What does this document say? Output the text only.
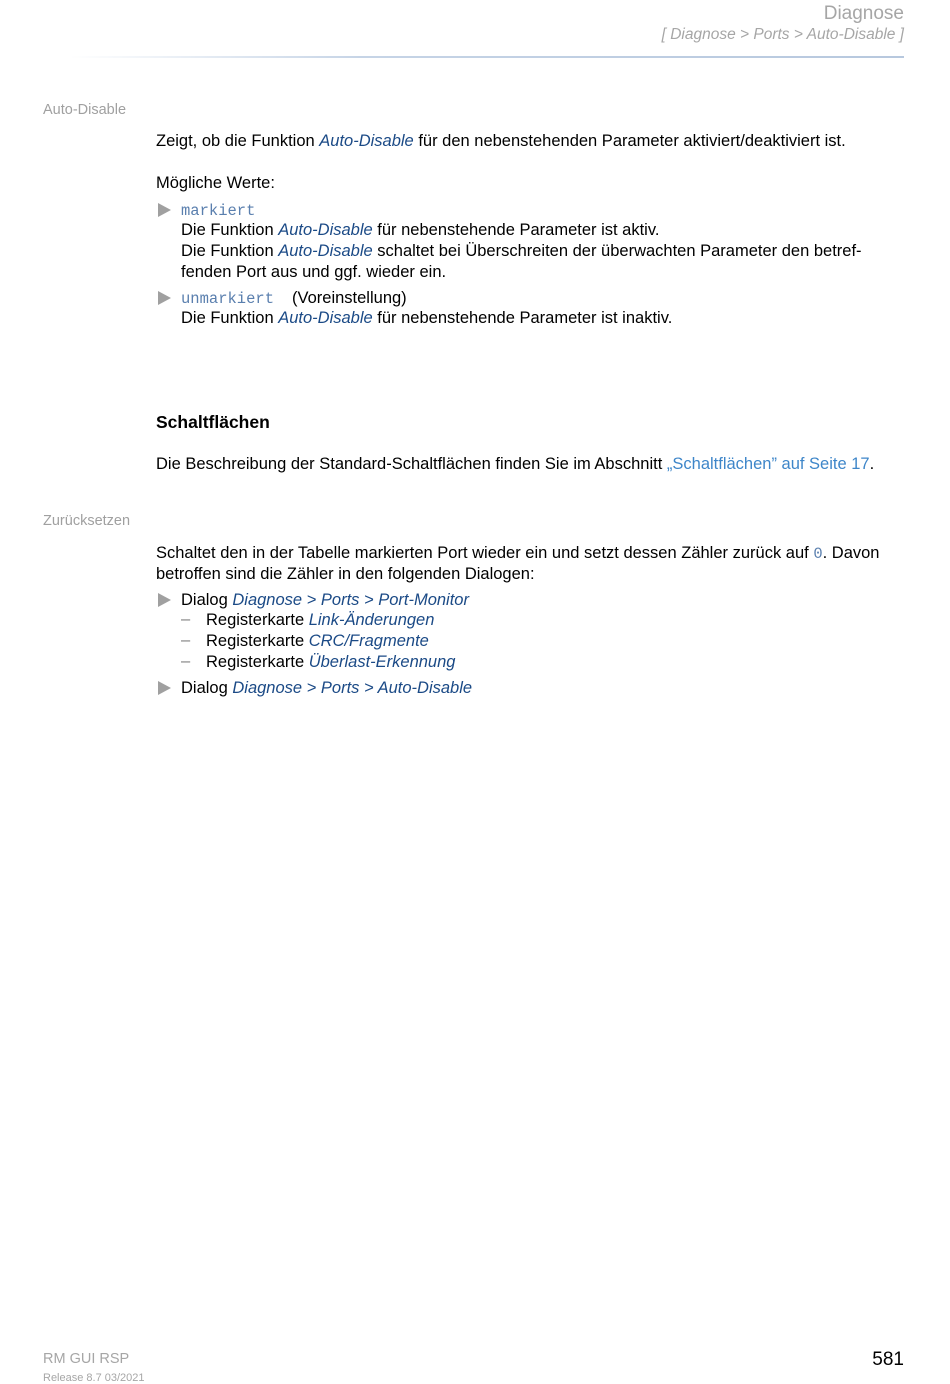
Diagnose
[ Diagnose > Ports > Auto-Disable ]
Auto-Disable

Zeigt, ob die Funktion Auto-Disable für den nebenstehenden Parameter aktiviert/deaktiviert ist.

Mögliche Werte:

markiert
Die Funktion Auto-Disable für nebenstehende Parameter ist aktiv.
Die Funktion Auto-Disable schaltet bei Überschreiten der überwachten Parameter den betref-
fenden Port aus und ggf. wieder ein.
unmarkiert (Voreinstellung)
Die Funktion Auto-Disable für nebenstehende Parameter ist inaktiv.
Schaltflächen

Die Beschreibung der Standard-Schaltflächen finden Sie im Abschnitt „Schaltflächen” auf Seite 17.

Zurücksetzen

Schaltet den in der Tabelle markierten Port wieder ein und setzt dessen Zähler zurück auf 0. Davon

betroffen sind die Zähler in den folgenden Dialogen:

Dialog Diagnose > Ports > Port-Monitor
– Registerkarte Link-Änderungen
– Registerkarte CRC/Fragmente
– Registerkarte Überlast-Erkennung
Dialog Diagnose > Ports > Auto-Disable
RM GUI RSP
Release 8.7 03/2021
581
